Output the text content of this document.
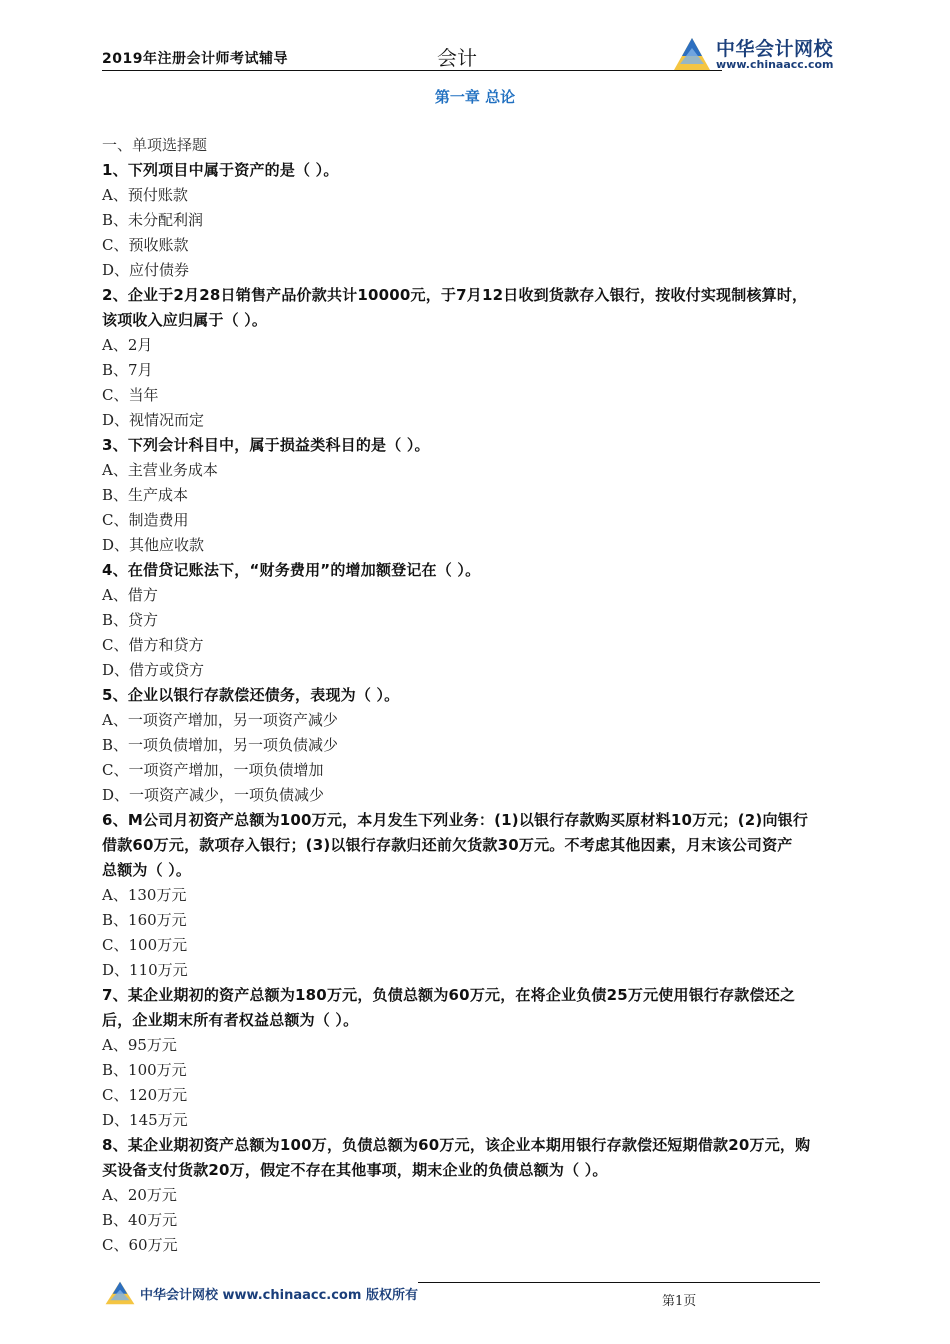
2019年注册会计师考试辅导	会计	中华会计网校
www.chinaacc.com
第一章 总论
一、单项选择题
1、下列项目中属于资产的是（ ）。
A、预付账款
B、未分配利润
C、预收账款
D、应付债券
2、企业于2月28日销售产品价款共计10000元，于7月12日收到货款存入银行，按收付实现制核算时，
该项收入应归属于（ ）。
A、2月
B、7月
C、当年
D、视情况而定
3、下列会计科目中，属于损益类科目的是（ ）。
A、主营业务成本
B、生产成本
C、制造费用
D、其他应收款
4、在借贷记账法下，“财务费用”的增加额登记在（ ）。
A、借方
B、贷方
C、借方和贷方
D、借方或贷方
5、企业以银行存款偿还债务，表现为（ ）。
A、一项资产增加，另一项资产减少
B、一项负债增加，另一项负债减少
C、一项资产增加，一项负债增加
D、一项资产减少，一项负债减少
6、M公司月初资产总额为100万元，本月发生下列业务：(1)以银行存款购买原材料10万元；(2)向银行
借款60万元，款项存入银行；(3)以银行存款归还前欠货款30万元。不考虑其他因素，月末该公司资产
总额为（ ）。
A、130万元
B、160万元
C、100万元
D、110万元
7、某企业期初的资产总额为180万元，负债总额为60万元，在将企业负债25万元使用银行存款偿还之
后，企业期末所有者权益总额为（ ）。
A、95万元
B、100万元
C、120万元
D、145万元
8、某企业期初资产总额为100万，负债总额为60万元，该企业本期用银行存款偿还短期借款20万元，购
买设备支付货款20万，假定不存在其他事项，期末企业的负债总额为（ ）。
A、20万元
B、40万元
C、60万元
中华会计网校 www.chinaacc.com 版权所有	第1页
